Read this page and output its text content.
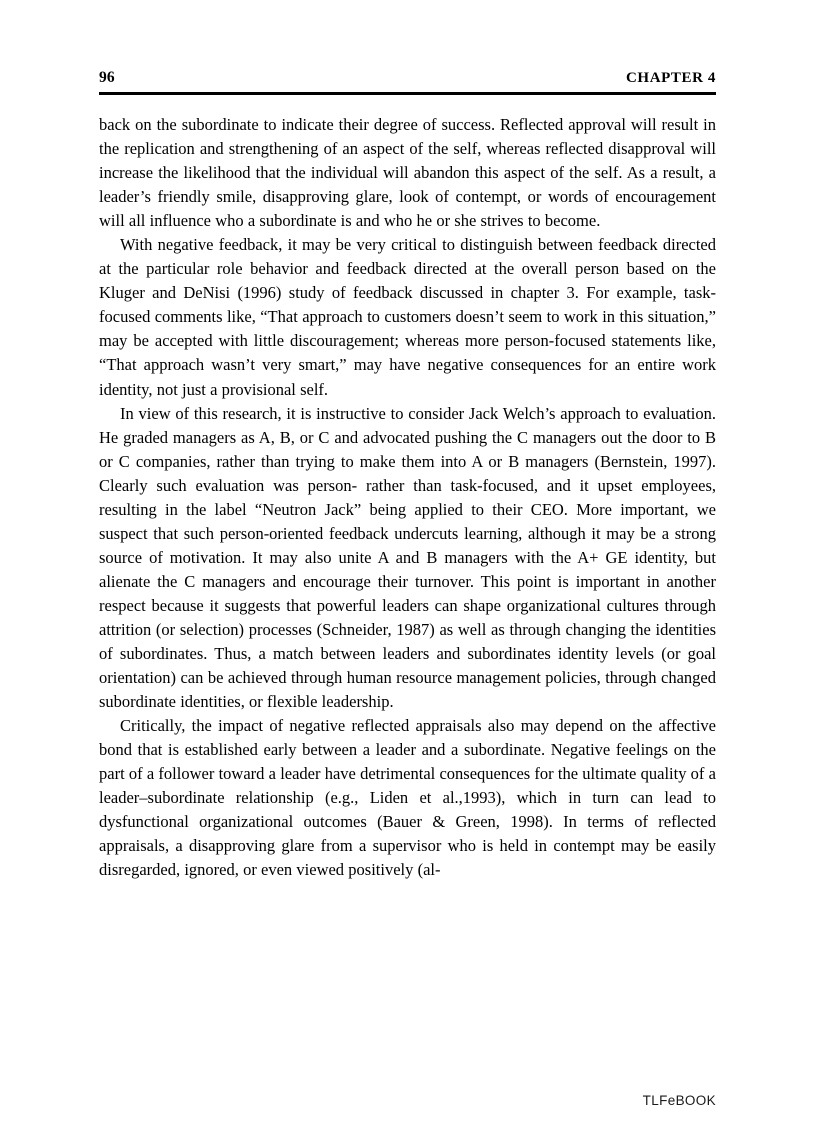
96	CHAPTER 4

back on the subordinate to indicate their degree of success. Reflected approval will result in the replication and strengthening of an aspect of the self, whereas reflected disapproval will increase the likelihood that the individual will abandon this aspect of the self. As a result, a leader’s friendly smile, disapproving glare, look of contempt, or words of encouragement will all influence who a subordinate is and who he or she strives to become.

With negative feedback, it may be very critical to distinguish between feedback directed at the particular role behavior and feedback directed at the overall person based on the Kluger and DeNisi (1996) study of feedback discussed in chapter 3. For example, task-focused comments like, “That approach to customers doesn’t seem to work in this situation,” may be accepted with little discouragement; whereas more person-focused statements like, “That approach wasn’t very smart,” may have negative consequences for an entire work identity, not just a provisional self.

In view of this research, it is instructive to consider Jack Welch’s approach to evaluation. He graded managers as A, B, or C and advocated pushing the C managers out the door to B or C companies, rather than trying to make them into A or B managers (Bernstein, 1997). Clearly such evaluation was person- rather than task-focused, and it upset employees, resulting in the label “Neutron Jack” being applied to their CEO. More important, we suspect that such person-oriented feedback undercuts learning, although it may be a strong source of motivation. It may also unite A and B managers with the A+ GE identity, but alienate the C managers and encourage their turnover. This point is important in another respect because it suggests that powerful leaders can shape organizational cultures through attrition (or selection) processes (Schneider, 1987) as well as through changing the identities of subordinates. Thus, a match between leaders and subordinates identity levels (or goal orientation) can be achieved through human resource management policies, through changed subordinate identities, or flexible leadership.

Critically, the impact of negative reflected appraisals also may depend on the affective bond that is established early between a leader and a subordinate. Negative feelings on the part of a follower toward a leader have detrimental consequences for the ultimate quality of a leader–subordinate relationship (e.g., Liden et al.,1993), which in turn can lead to dysfunctional organizational outcomes (Bauer & Green, 1998). In terms of reflected appraisals, a disapproving glare from a supervisor who is held in contempt may be easily disregarded, ignored, or even viewed positively (al-

TLFeBOOK
